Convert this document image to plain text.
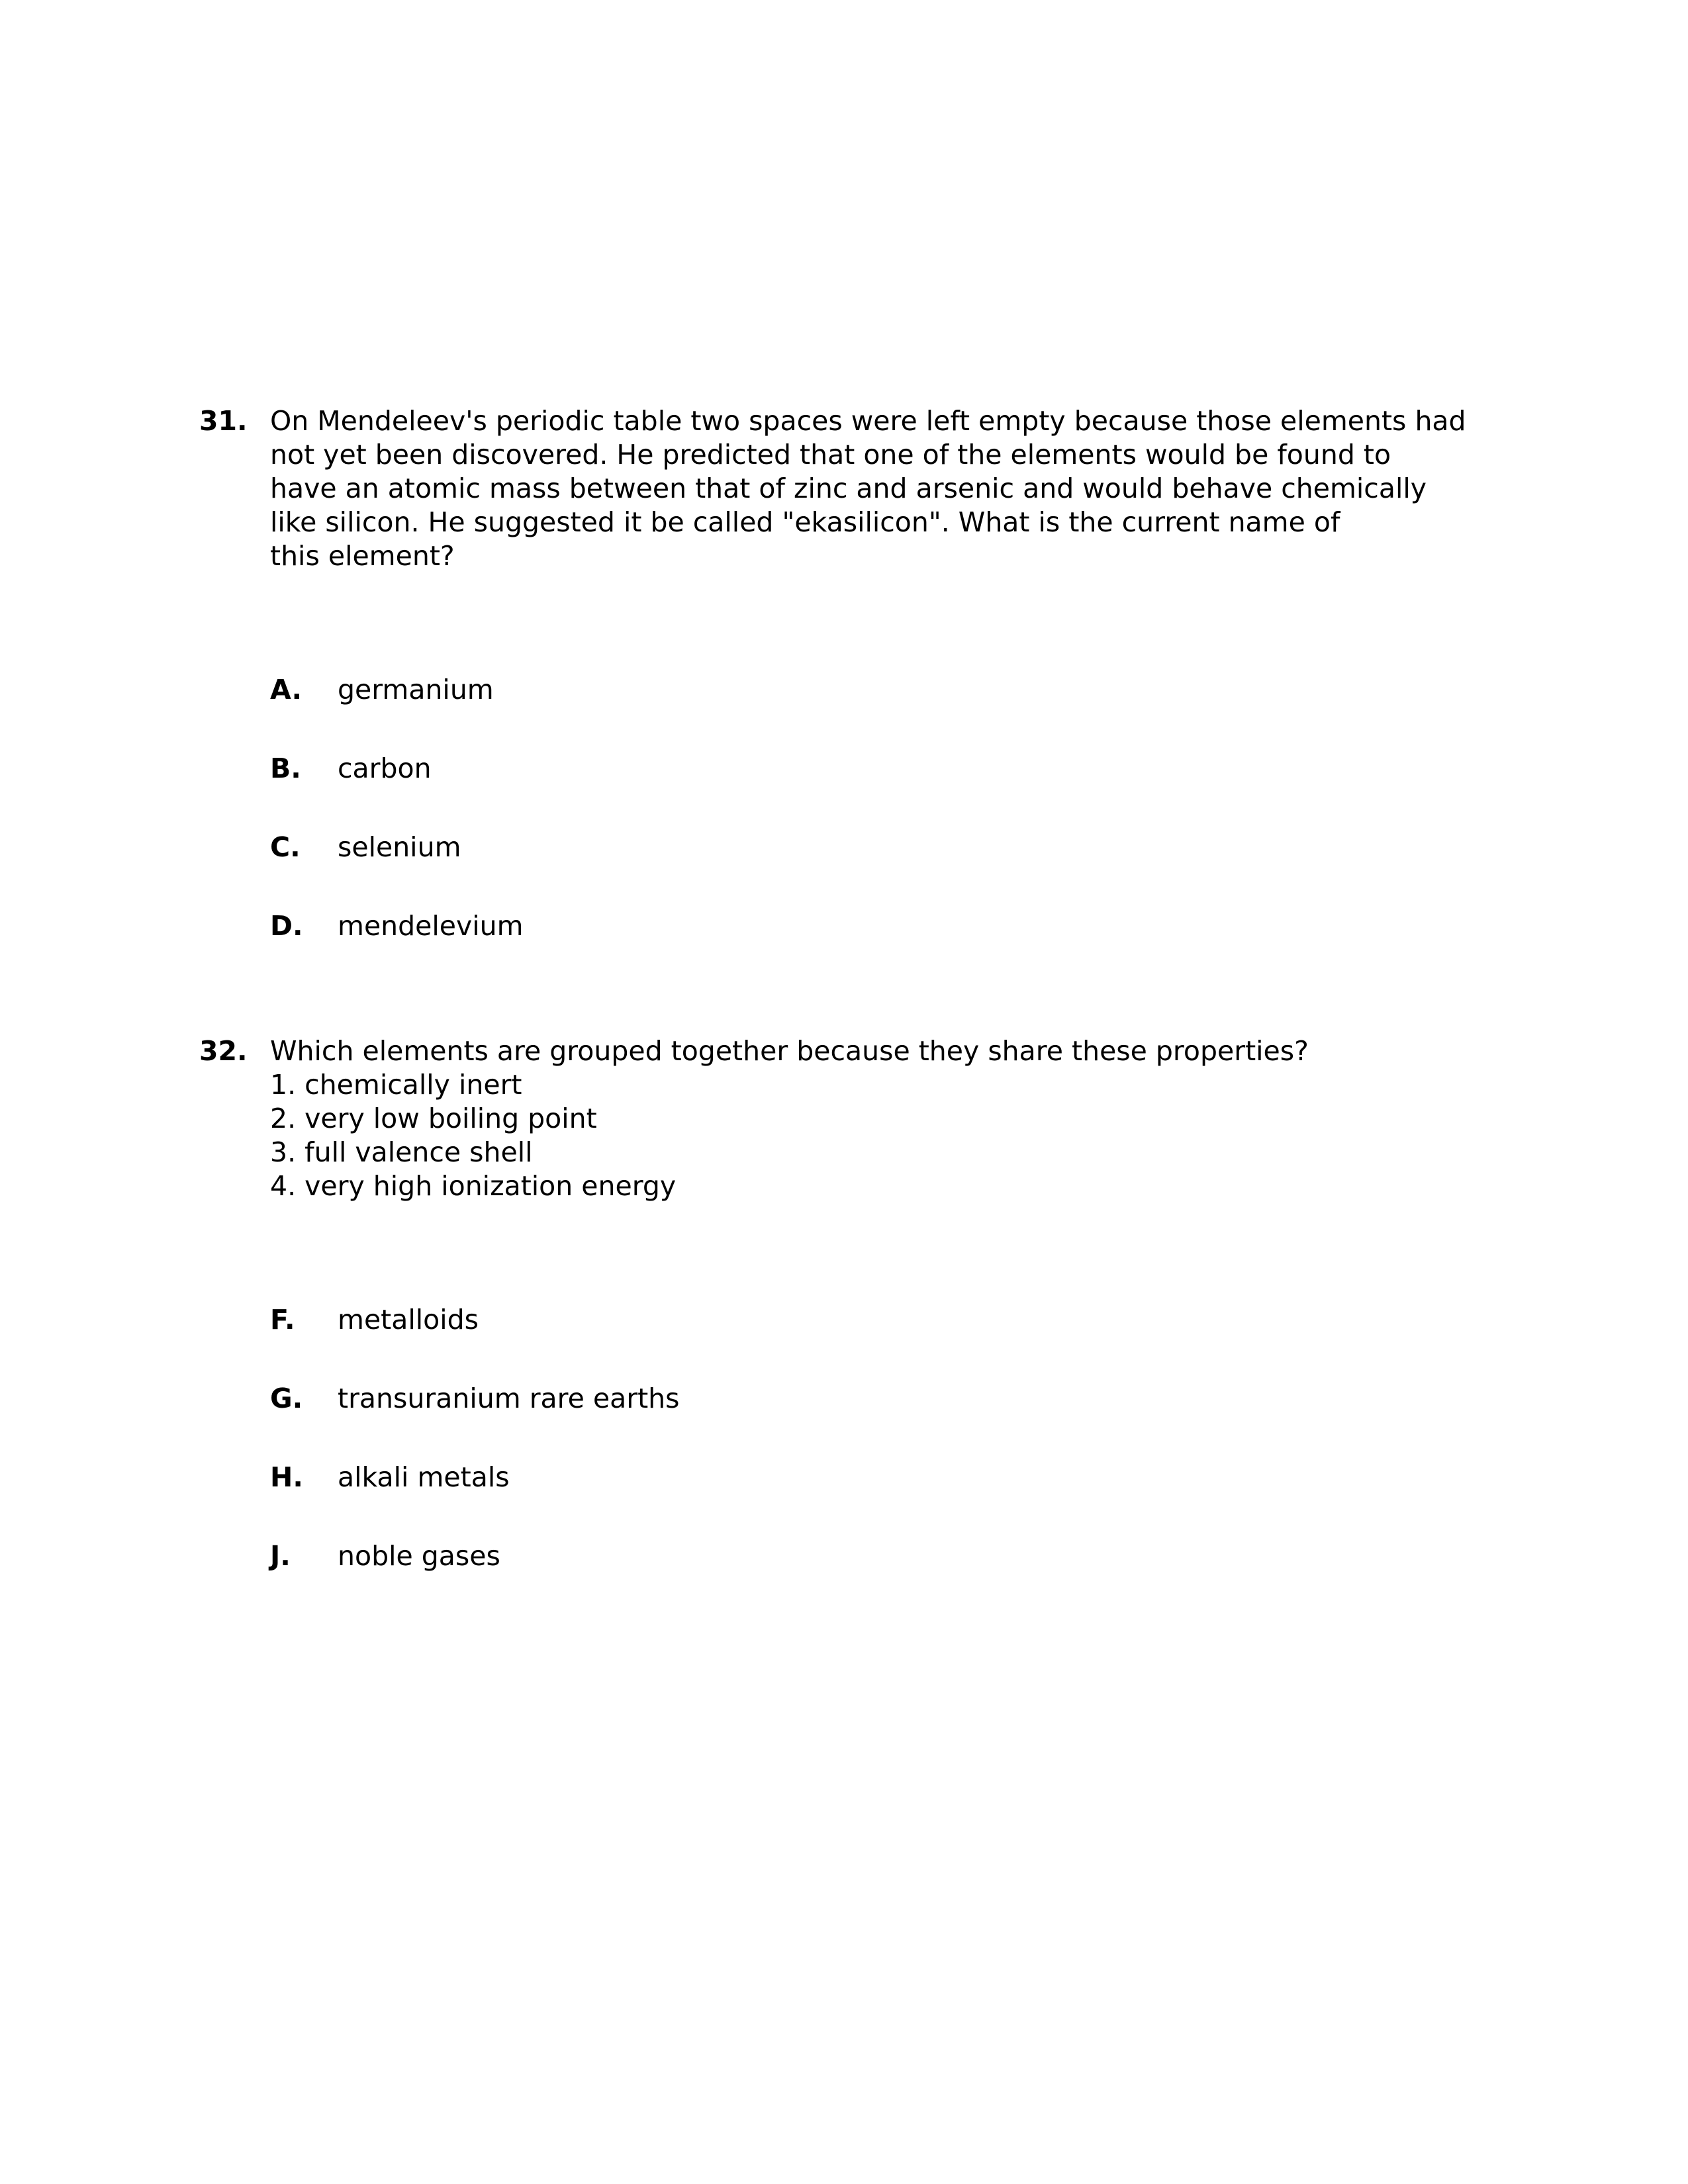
31. On Mendeleev's periodic table two spaces were left empty because those elements had
not yet been discovered. He predicted that one of the elements would be found to
have an atomic mass between that of zinc and arsenic and would behave chemically
like silicon. He suggested it be called "ekasilicon". What is the current name of
this element?
A.	germanium
B.	carbon
C.	selenium
D.	mendelevium
32. Which elements are grouped together because they share these properties?
1. chemically inert
2. very low boiling point
3. full valence shell
4. very high ionization energy
F.	metalloids
G.	transuranium rare earths
H.	alkali metals
J.	noble gases
